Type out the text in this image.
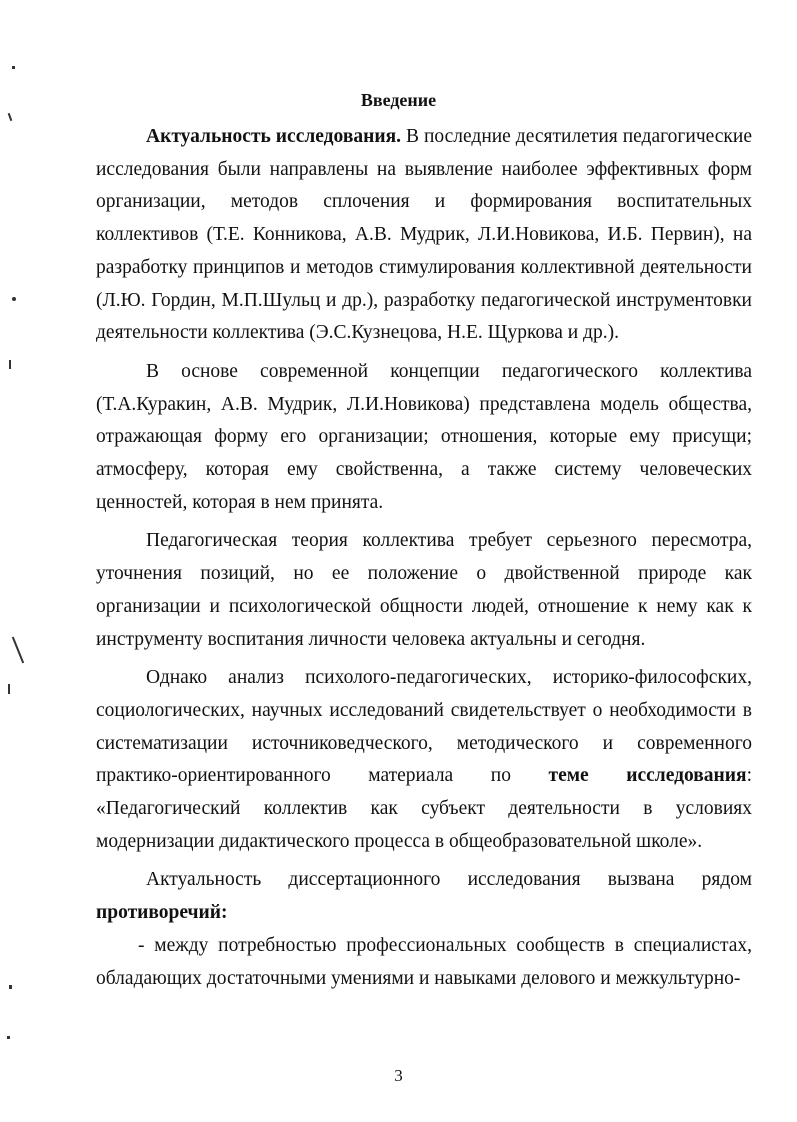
Введение

Актуальность исследования. В последние десятилетия педагогические исследования были направлены на выявление наиболее эффективных форм организации, методов сплочения и формирования воспитательных коллективов (Т.Е. Конникова, А.В. Мудрик, Л.И.Новикова, И.Б. Первин), на разработку принципов и методов стимулирования коллективной деятельности (Л.Ю. Гордин, М.П.Шульц и др.), разработку педагогической инструментовки деятельности коллектива (Э.С.Кузнецова, Н.Е. Щуркова и др.).

В основе современной концепции педагогического коллектива (Т.А.Куракин, А.В. Мудрик, Л.И.Новикова) представлена модель общества, отражающая форму его организации; отношения, которые ему присущи; атмосферу, которая ему свойственна, а также систему человеческих ценностей, которая в нем принята.

Педагогическая теория коллектива требует серьезного пересмотра, уточнения позиций, но ее положение о двойственной природе как организации и психологической общности людей, отношение к нему как к инструменту воспитания личности человека актуальны и сегодня.

Однако анализ психолого-педагогических, историко-философских, социологических, научных исследований свидетельствует о необходимости в систематизации источниковедческого, методического и современного практико-ориентированного материала по теме исследования: «Педагогический коллектив как субъект деятельности в условиях модернизации дидактического процесса в общеобразовательной школе».

Актуальность диссертационного исследования вызвана рядом противоречий:

- между потребностью профессиональных сообществ в специалистах, обладающих достаточными умениями и навыками делового и межкультурно-

3
